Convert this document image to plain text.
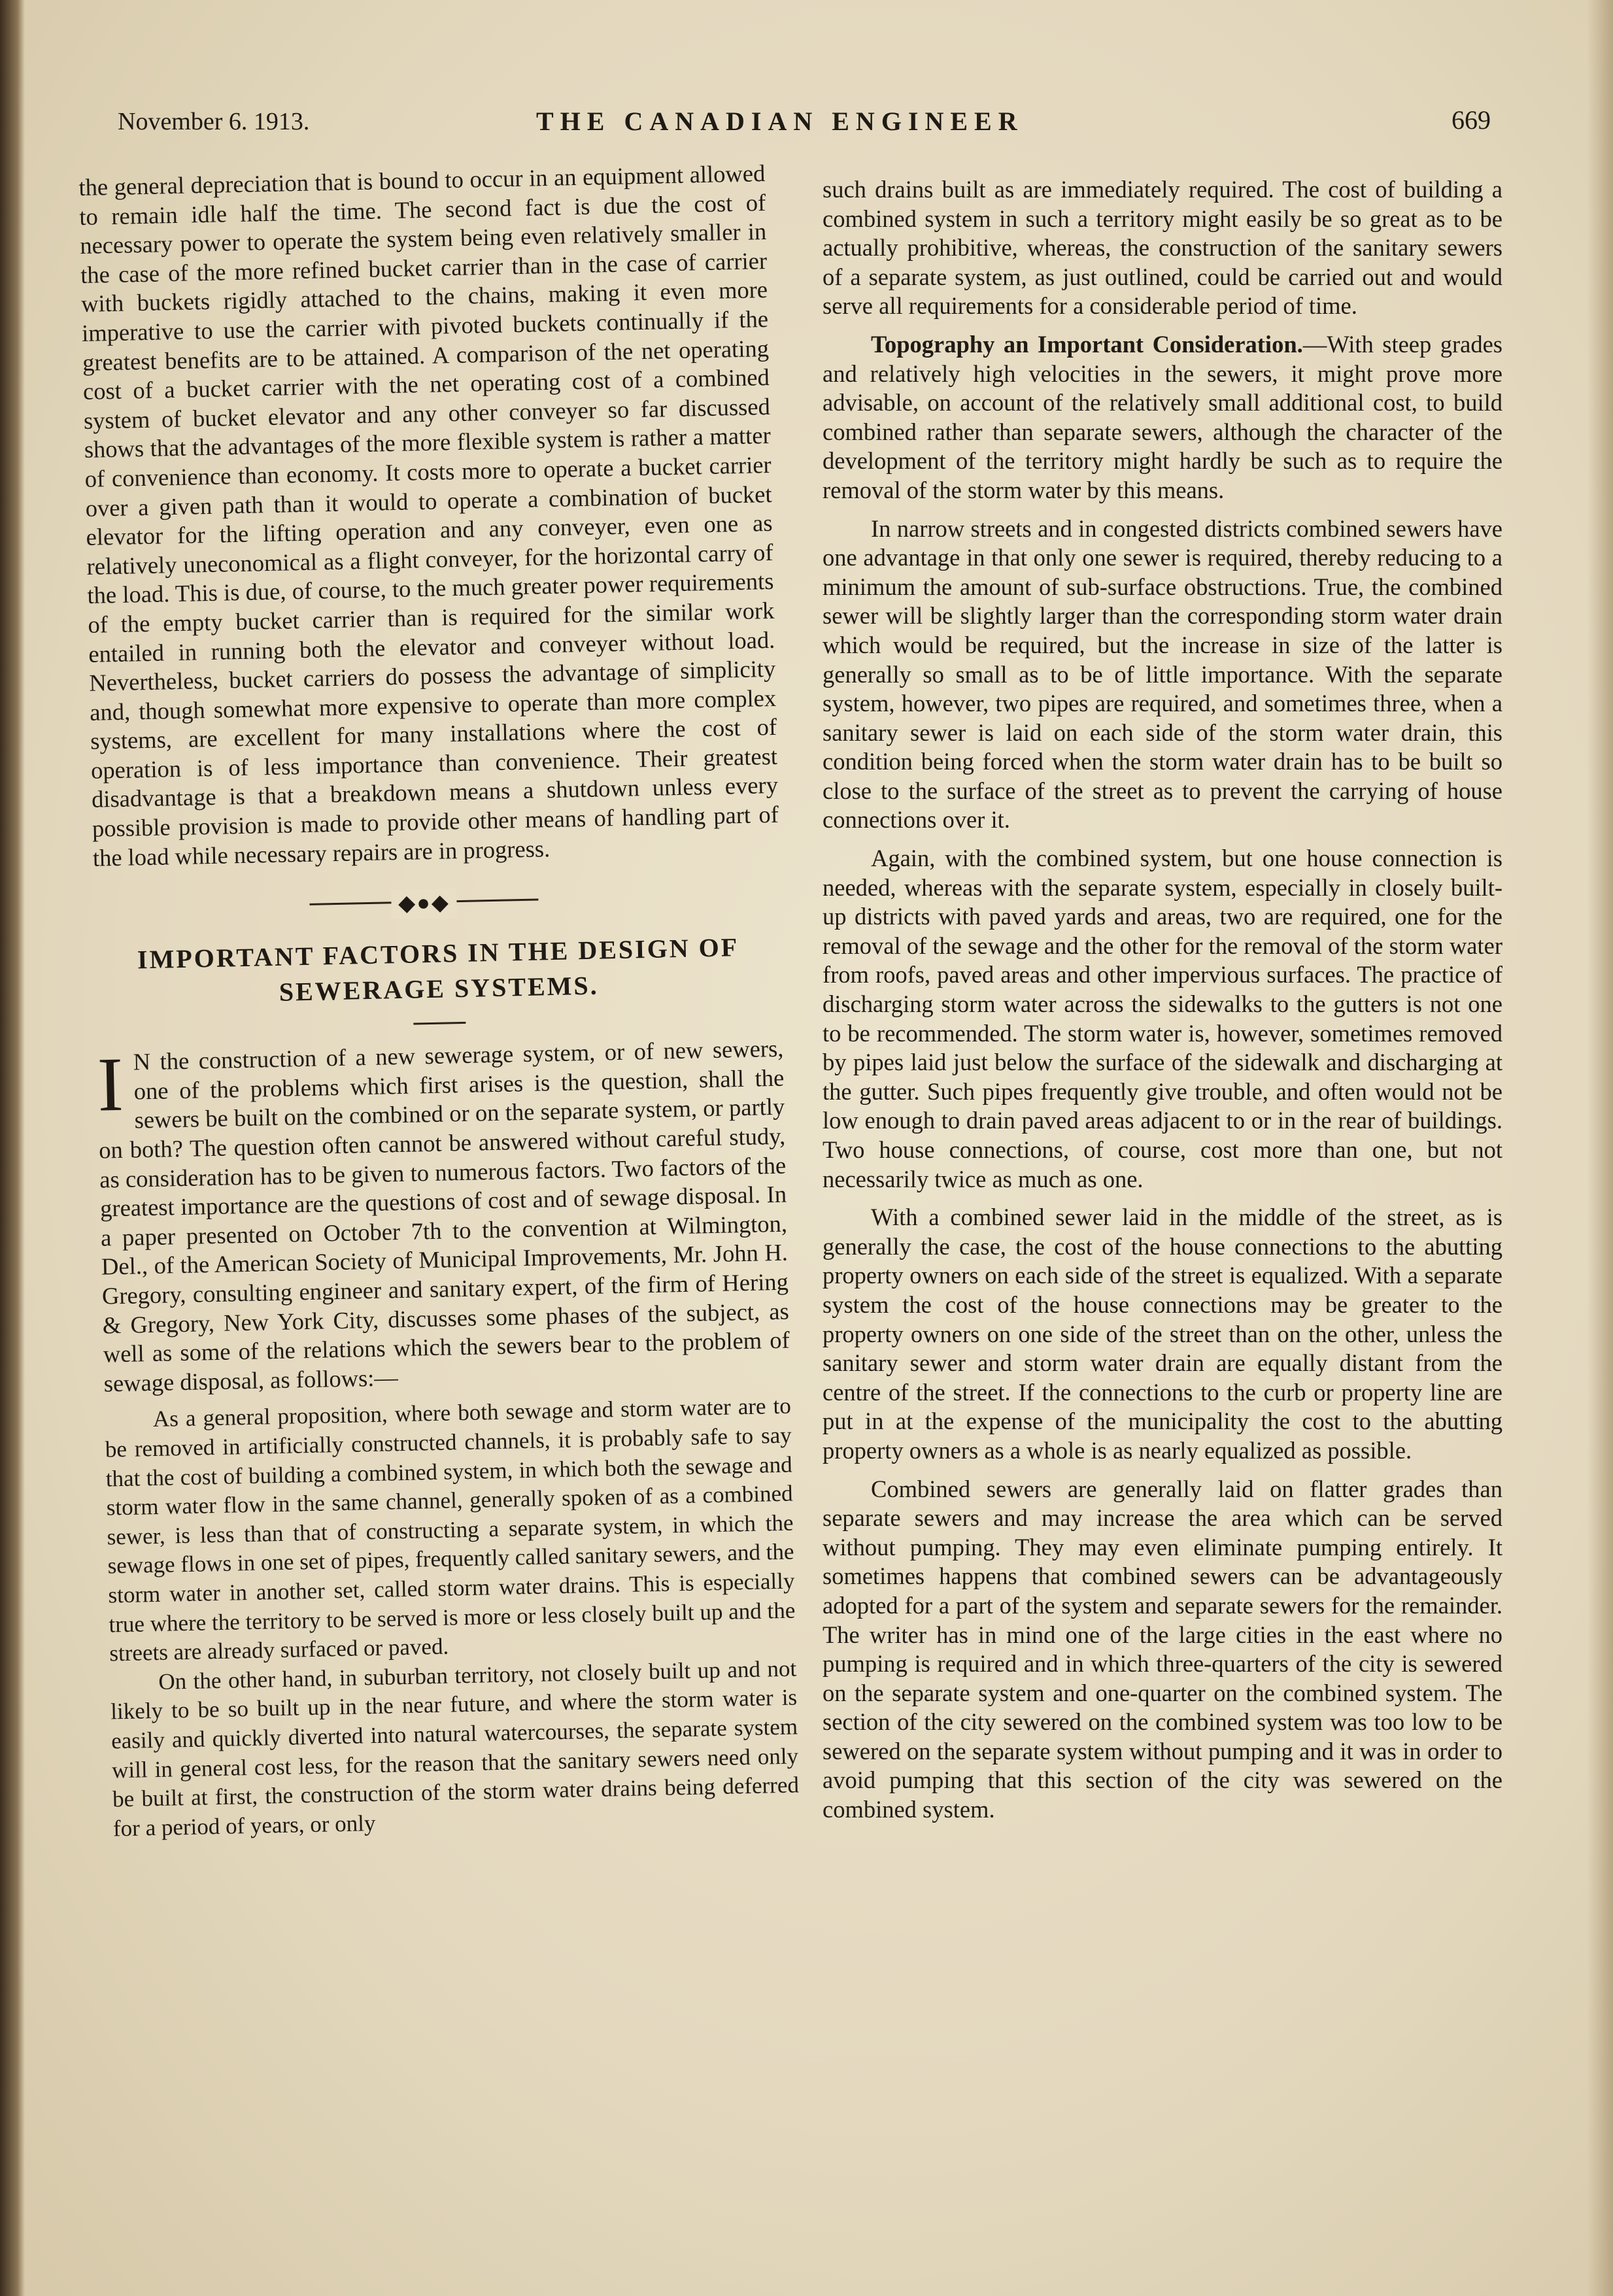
November 6. 1913.	THE CANADIAN ENGINEER	669

the general depreciation that is bound to occur in an equipment allowed to remain idle half the time. The second fact is due the cost of necessary power to operate the system being even relatively smaller in the case of the more refined bucket carrier than in the case of carrier with buckets rigidly attached to the chains, making it even more imperative to use the carrier with pivoted buckets continually if the greatest benefits are to be attained. A comparison of the net operating cost of a bucket carrier with the net operating cost of a combined system of bucket elevator and any other conveyer so far discussed shows that the advantages of the more flexible system is rather a matter of convenience than economy. It costs more to operate a bucket carrier over a given path than it would to operate a combination of bucket elevator for the lifting operation and any conveyer, even one as relatively uneconomical as a flight conveyer, for the horizontal carry of the load. This is due, of course, to the much greater power requirements of the empty bucket carrier than is required for the similar work entailed in running both the elevator and conveyer without load. Nevertheless, bucket carriers do possess the advantage of simplicity and, though somewhat more expensive to operate than more complex systems, are excellent for many installations where the cost of operation is of less importance than convenience. Their greatest disadvantage is that a breakdown means a shutdown unless every possible provision is made to provide other means of handling part of the load while necessary repairs are in progress.

◆●◆
IMPORTANT FACTORS IN THE DESIGN OF
SEWERAGE SYSTEMS.

I N the construction of a new sewerage system, or of new sewers, one of the problems which first arises is the question, shall the sewers be built on the combined or on the separate system, or partly on both? The question often cannot be answered without careful study, as consideration has to be given to numerous factors. Two factors of the greatest importance are the questions of cost and of sewage disposal. In a paper presented on October 7th to the convention at Wilmington, Del., of the American Society of Municipal Improvements, Mr. John H. Gregory, consulting engineer and sanitary expert, of the firm of Hering & Gregory, New York City, discusses some phases of the subject, as well as some of the relations which the sewers bear to the problem of sewage disposal, as follows:—

As a general proposition, where both sewage and storm water are to be removed in artificially constructed channels, it is probably safe to say that the cost of building a combined system, in which both the sewage and storm water flow in the same channel, generally spoken of as a combined sewer, is less than that of constructing a separate system, in which the sewage flows in one set of pipes, frequently called sanitary sewers, and the storm water in another set, called storm water drains. This is especially true where the territory to be served is more or less closely built up and the streets are already surfaced or paved.

On the other hand, in suburban territory, not closely built up and not likely to be so built up in the near future, and where the storm water is easily and quickly diverted into natural watercourses, the separate system will in general cost less, for the reason that the sanitary sewers need only be built at first, the construction of the storm water drains being deferred for a period of years, or only

such drains built as are immediately required. The cost of building a combined system in such a territory might easily be so great as to be actually prohibitive, whereas, the construction of the sanitary sewers of a separate system, as just outlined, could be carried out and would serve all requirements for a considerable period of time.

Topography an Important Consideration.—With steep grades and relatively high velocities in the sewers, it might prove more advisable, on account of the relatively small additional cost, to build combined rather than separate sewers, although the character of the development of the territory might hardly be such as to require the removal of the storm water by this means.

In narrow streets and in congested districts combined sewers have one advantage in that only one sewer is required, thereby reducing to a minimum the amount of sub-surface obstructions. True, the combined sewer will be slightly larger than the corresponding storm water drain which would be required, but the increase in size of the latter is generally so small as to be of little importance. With the separate system, however, two pipes are required, and sometimes three, when a sanitary sewer is laid on each side of the storm water drain, this condition being forced when the storm water drain has to be built so close to the surface of the street as to prevent the carrying of house connections over it.

Again, with the combined system, but one house connection is needed, whereas with the separate system, especially in closely built-up districts with paved yards and areas, two are required, one for the removal of the sewage and the other for the removal of the storm water from roofs, paved areas and other impervious surfaces. The practice of discharging storm water across the sidewalks to the gutters is not one to be recommended. The storm water is, however, sometimes removed by pipes laid just below the surface of the sidewalk and discharging at the gutter. Such pipes frequently give trouble, and often would not be low enough to drain paved areas adjacent to or in the rear of buildings. Two house connections, of course, cost more than one, but not necessarily twice as much as one.

With a combined sewer laid in the middle of the street, as is generally the case, the cost of the house connections to the abutting property owners on each side of the street is equalized. With a separate system the cost of the house connections may be greater to the property owners on one side of the street than on the other, unless the sanitary sewer and storm water drain are equally distant from the centre of the street. If the connections to the curb or property line are put in at the expense of the municipality the cost to the abutting property owners as a whole is as nearly equalized as possible.

Combined sewers are generally laid on flatter grades than separate sewers and may increase the area which can be served without pumping. They may even eliminate pumping entirely. It sometimes happens that combined sewers can be advantageously adopted for a part of the system and separate sewers for the remainder. The writer has in mind one of the large cities in the east where no pumping is required and in which three-quarters of the city is sewered on the separate system and one-quarter on the combined system. The section of the city sewered on the combined system was too low to be sewered on the separate system without pumping and it was in order to avoid pumping that this section of the city was sewered on the combined system.
